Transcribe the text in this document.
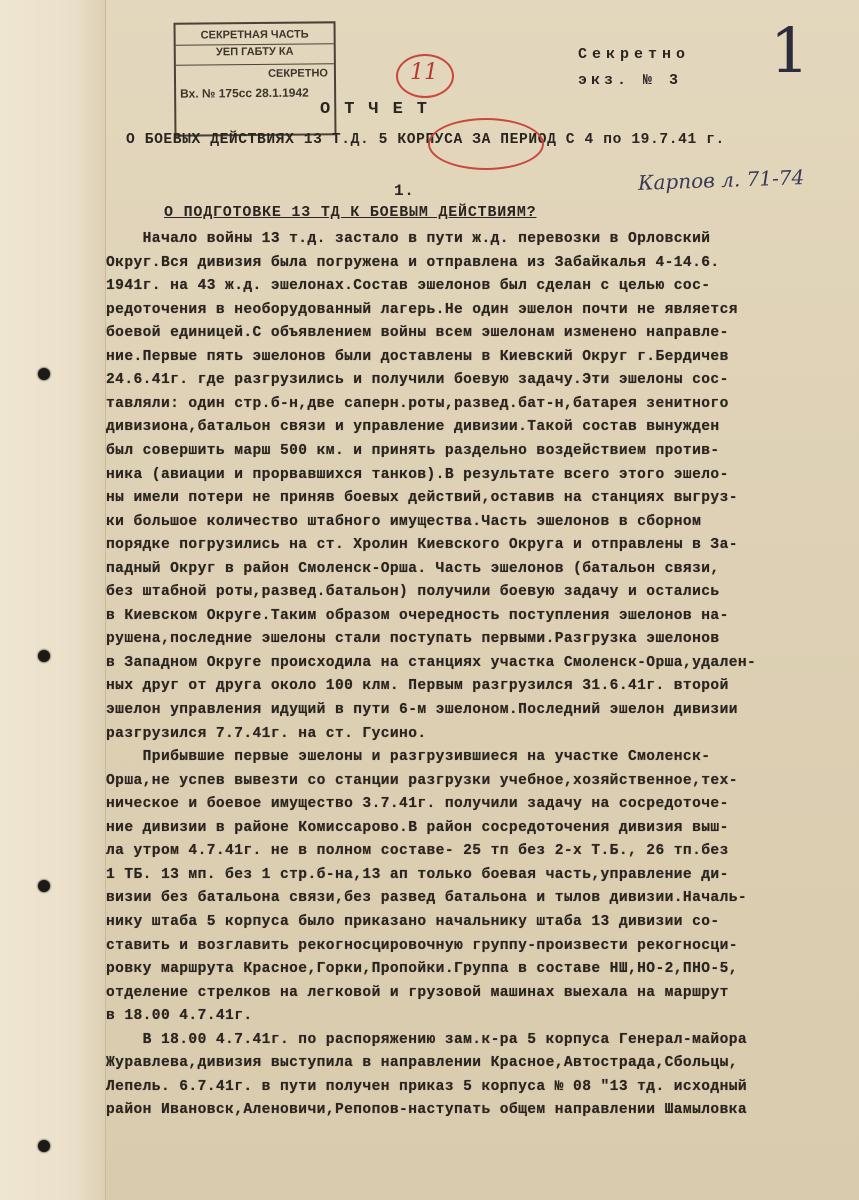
СЕКРЕТНАЯ ЧАСТЬ
УЕП ГАБТУ КА
СЕКРЕТНО
Вх. № 175сс 28.1.1942
11
Секретно
экз. № 3 1
ОТЧЕТ
О БОЕВЫХ ДЕЙСТВИЯХ 13 Т.Д. 5 КОРПУСА ЗА ПЕРИОД С 4 по 19.7.41 г.
Карпов л. 71-74
1.
О ПОДГОТОВКЕ 13 ТД К БОЕВЫМ ДЕЙСТВИЯМ?
Начало войны 13 т.д. застало в пути ж.д. перевозки в Орловский
Округ.Вся дивизия была погружена и отправлена из Забайкалья 4-14.6.
1941г. на 43 ж.д. эшелонах.Состав эшелонов был сделан с целью сос-
редоточения в необорудованный лагерь.Не один эшелон почти не является
боевой единицей.С объявлением войны всем эшелонам изменено направле-
ние.Первые пять эшелонов были доставлены в Киевский Округ г.Бердичев
24.6.41г. где разгрузились и получили боевую задачу.Эти эшелоны сос-
тавляли: один стр.б-н,две саперн.роты,развед.бат-н,батарея зенитного
дивизиона,батальон связи и управление дивизии.Такой состав вынужден
был совершить марш 500 км. и принять раздельно воздействием против-
ника (авиации и прорвавшихся танков).В результате всего этого эшело-
ны имели потери не приняв боевых действий,оставив на станциях выгруз-
ки большое количество штабного имущества.Часть эшелонов в сборном
порядке погрузились на ст. Хролин Киевского Округа и отправлены в За-
падный Округ в район Смоленск-Орша. Часть эшелонов (батальон связи,
без штабной роты,развед.батальон) получили боевую задачу и остались
в Киевском Округе.Таким образом очередность поступления эшелонов на-
рушена,последние эшелоны стали поступать первыми.Разгрузка эшелонов
в Западном Округе происходила на станциях участка Смоленск-Орша,удален-
ных друг от друга около 100 клм. Первым разгрузился 31.6.41г. второй
эшелон управления идущий в пути 6-м эшелоном.Последний эшелон дивизии
разгрузился 7.7.41г. на ст. Гусино.
Прибывшие первые эшелоны и разгрузившиеся на участке Смоленск-
Орша,не успев вывезти со станции разгрузки учебное,хозяйственное,тех-
ническое и боевое имущество 3.7.41г. получили задачу на сосредоточе-
ние дивизии в районе Комиссарово.В район сосредоточения дивизия выш-
ла утром 4.7.41г. не в полном составе- 25 тп без 2-х Т.Б., 26 тп.без
1 ТБ. 13 мп. без 1 стр.б-на,13 ап только боевая часть,управление ди-
визии без батальона связи,без развед батальона и тылов дивизии.Началь-
нику штаба 5 корпуса было приказано начальнику штаба 13 дивизии со-
ставить и возглавить рекогносцировочную группу-произвести рекогносци-
ровку маршрута Красное,Горки,Пропойки.Группа в составе НШ,НО-2,ПНО-5,
отделение стрелков на легковой и грузовой машинах выехала на маршрут
в 18.00 4.7.41г.
В 18.00 4.7.41г. по распоряжению зам.к-ра 5 корпуса Генерал-майора
Журавлева,дивизия выступила в направлении Красное,Автострада,Сбольцы,
Лепель. 6.7.41г. в пути получен приказ 5 корпуса № 08 "13 тд. исходный
район Ивановск,Аленовичи,Репопов-наступать общем направлении Шамыловка
